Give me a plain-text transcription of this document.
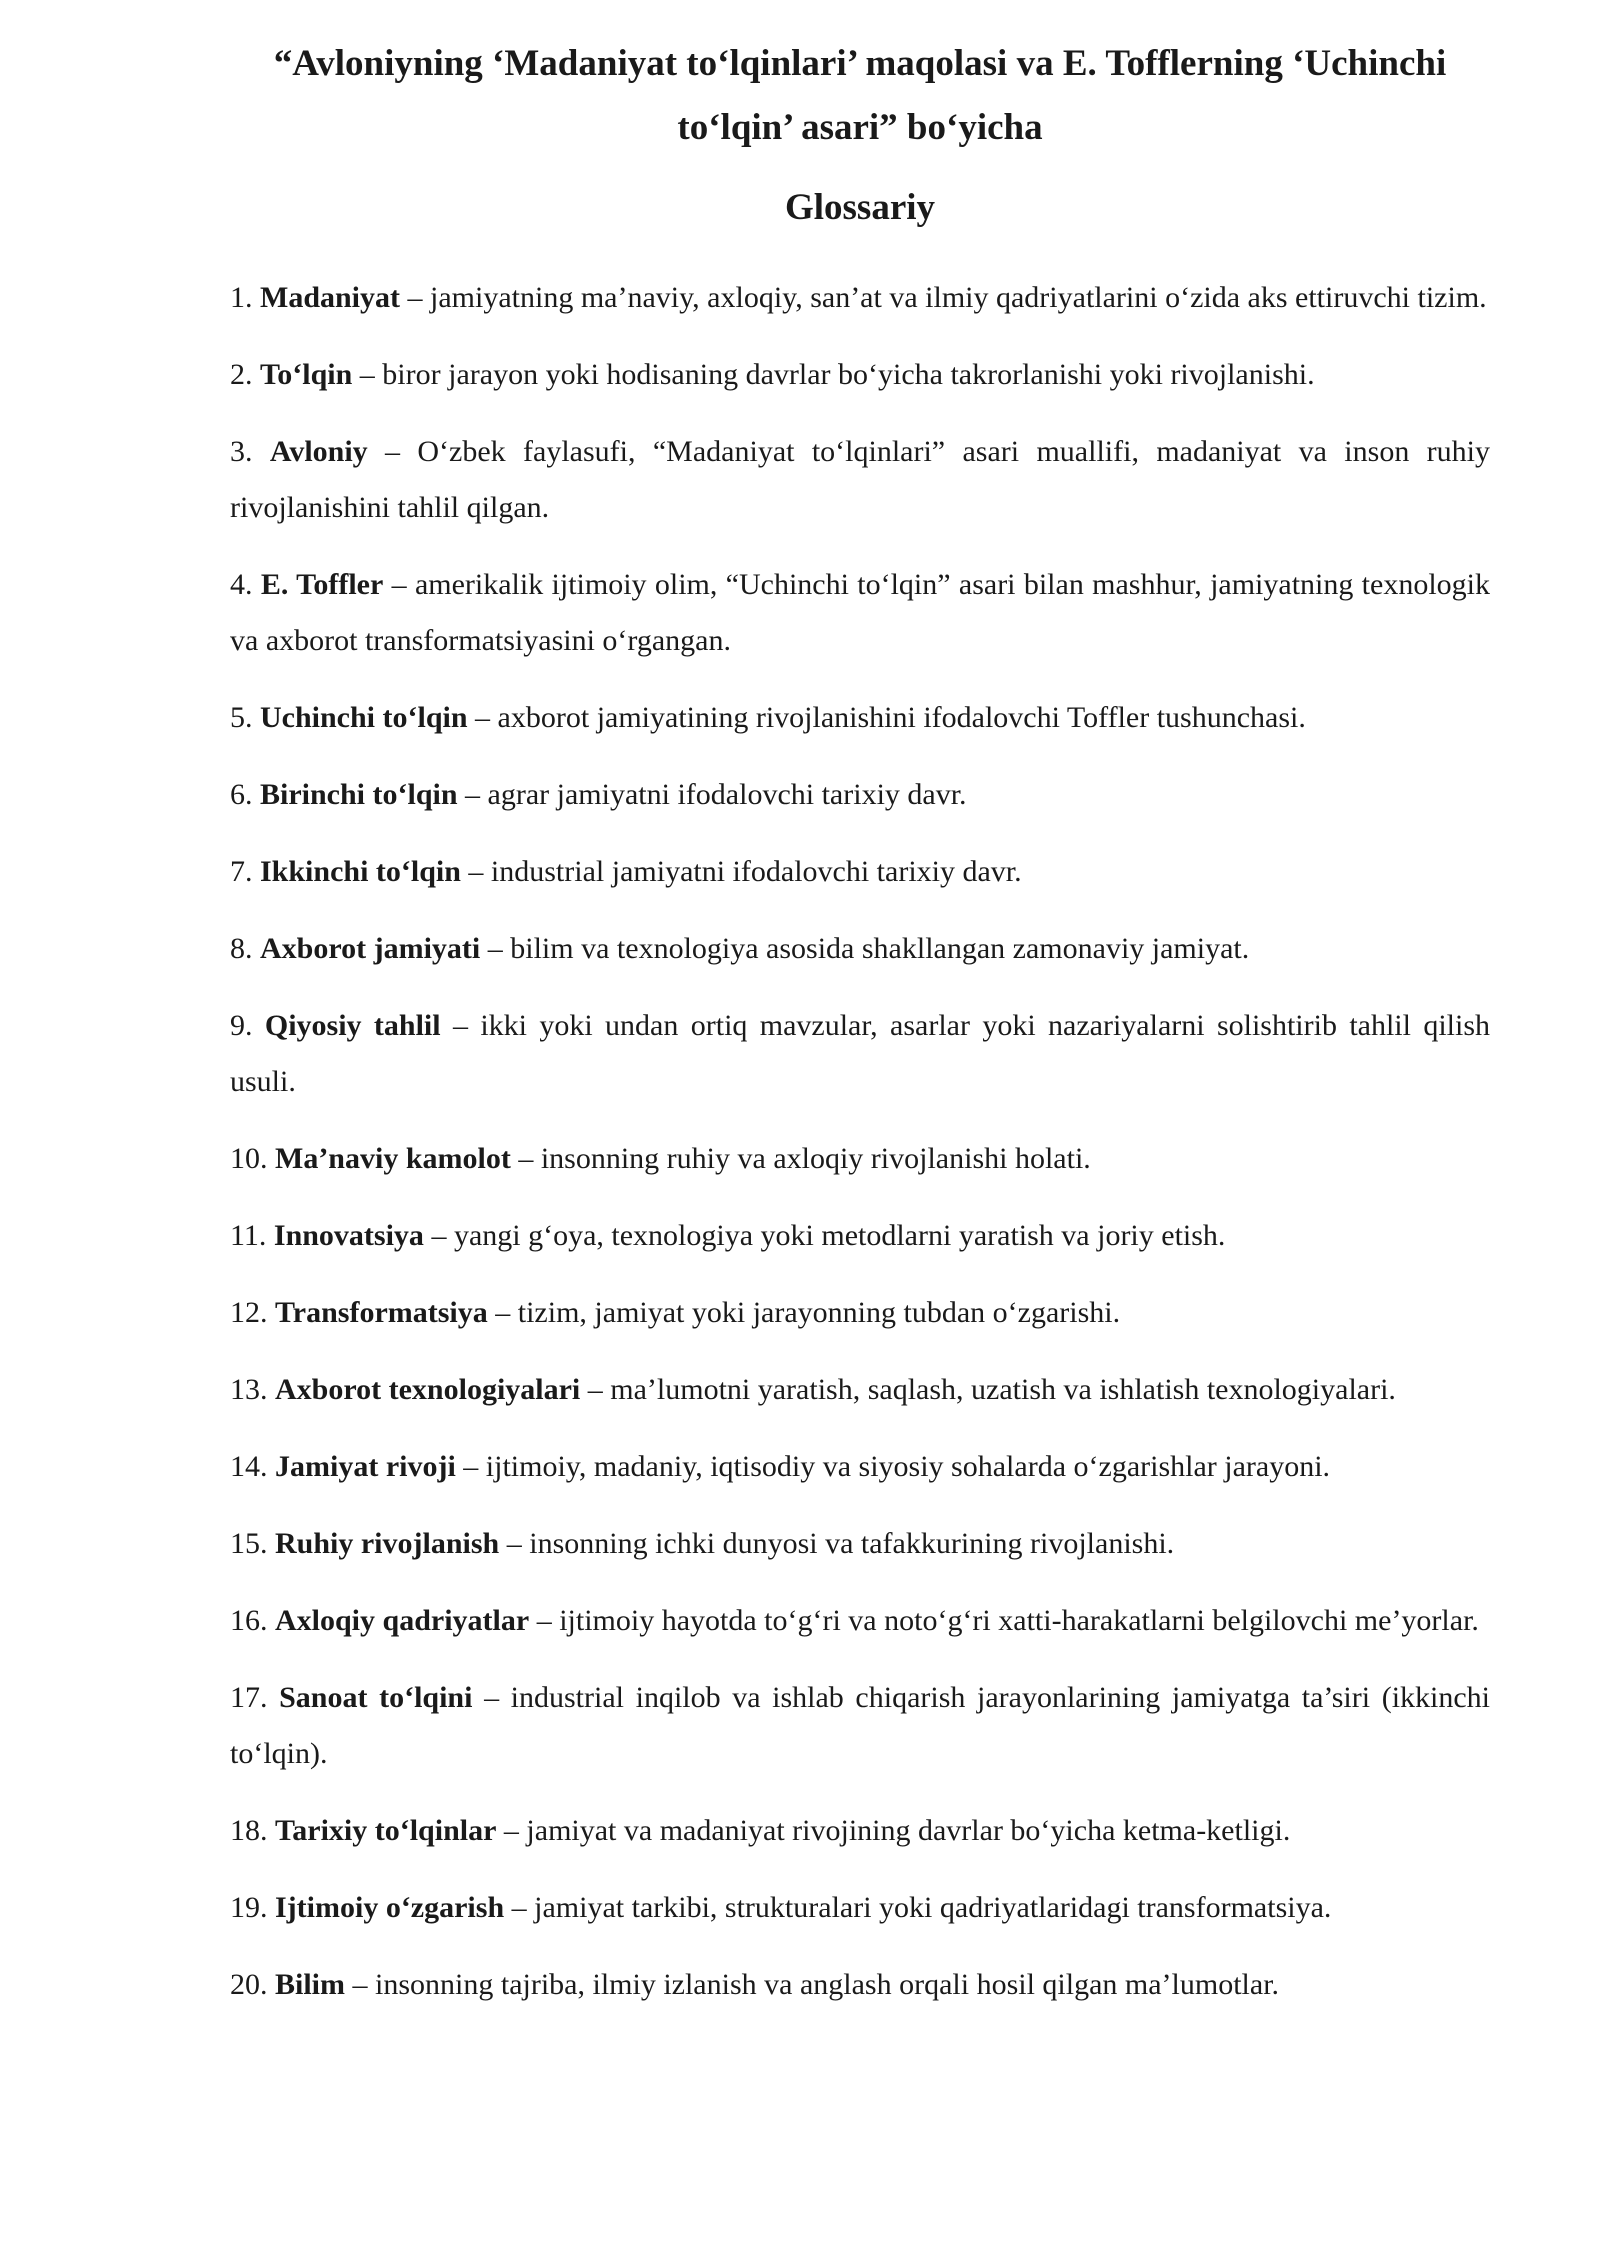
“Avloniyning ‘Madaniyat to‘lqinlari’ maqolasi va E. Tofflerning ‘Uchinchi to‘lqin’ asari” bo‘yicha
Glossariy
1. Madaniyat – jamiyatning ma’naviy, axloqiy, san’at va ilmiy qadriyatlarini o‘zida aks ettiruvchi tizim.
2. To‘lqin – biror jarayon yoki hodisaning davrlar bo‘yicha takrorlanishi yoki rivojlanishi.
3. Avloniy – O‘zbek faylasufi, “Madaniyat to‘lqinlari” asari muallifi, madaniyat va inson ruhiy rivojlanishini tahlil qilgan.
4. E. Toffler – amerikalik ijtimoiy olim, “Uchinchi to‘lqin” asari bilan mashhur, jamiyatning texnologik va axborot transformatsiyasini o‘rgangan.
5. Uchinchi to‘lqin – axborot jamiyatining rivojlanishini ifodalovchi Toffler tushunchasi.
6. Birinchi to‘lqin – agrar jamiyatni ifodalovchi tarixiy davr.
7. Ikkinchi to‘lqin – industrial jamiyatni ifodalovchi tarixiy davr.
8. Axborot jamiyati – bilim va texnologiya asosida shakllangan zamonaviy jamiyat.
9. Qiyosiy tahlil – ikki yoki undan ortiq mavzular, asarlar yoki nazariyalarni solishtirib tahlil qilish usuli.
10. Ma’naviy kamolot – insonning ruhiy va axloqiy rivojlanishi holati.
11. Innovatsiya – yangi g‘oya, texnologiya yoki metodlarni yaratish va joriy etish.
12. Transformatsiya – tizim, jamiyat yoki jarayonning tubdan o‘zgarishi.
13. Axborot texnologiyalari – ma’lumotni yaratish, saqlash, uzatish va ishlatish texnologiyalari.
14. Jamiyat rivoji – ijtimoiy, madaniy, iqtisodiy va siyosiy sohalarda o‘zgarishlar jarayoni.
15. Ruhiy rivojlanish – insonning ichki dunyosi va tafakkurining rivojlanishi.
16. Axloqiy qadriyatlar – ijtimoiy hayotda to‘g‘ri va noto‘g‘ri xatti-harakatlarni belgilovchi me’yorlar.
17. Sanoat to‘lqini – industrial inqilob va ishlab chiqarish jarayonlarining jamiyatga ta’siri (ikkinchi to‘lqin).
18. Tarixiy to‘lqinlar – jamiyat va madaniyat rivojining davrlar bo‘yicha ketma-ketligi.
19. Ijtimoiy o‘zgarish – jamiyat tarkibi, strukturalari yoki qadriyatlaridagi transformatsiya.
20. Bilim – insonning tajriba, ilmiy izlanish va anglash orqali hosil qilgan ma’lumotlar.
